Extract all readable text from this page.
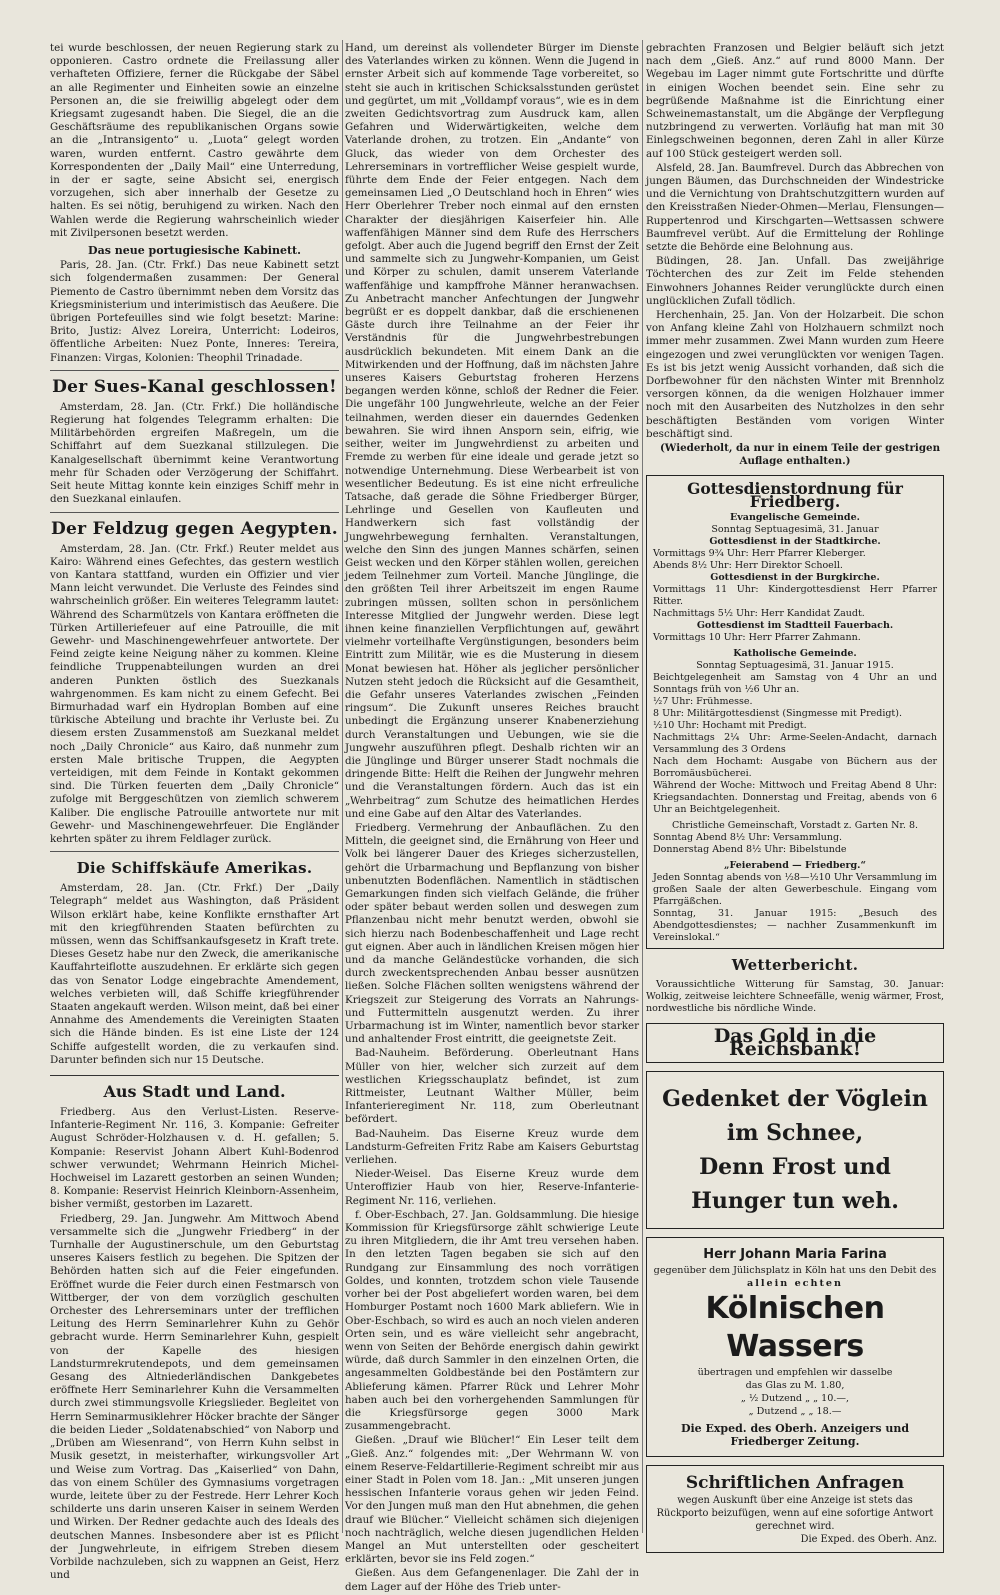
tei wurde beschlossen, der neuen Regierung stark zu opponieren. Castro ordnete die Freilassung aller verhafteten Offiziere, ferner die Rückgabe der Säbel an alle Regimenter und Einheiten sowie an einzelne Personen an, die sie freiwillig abgelegt oder dem Kriegsamt zugesandt haben. Die Siegel, die an die Geschäftsräume des republikanischen Organs sowie an die „Intransigento“ u. „Luota“ gelegt worden waren, wurden entfernt. Castro gewährte dem Korrespondenten der „Daily Mail“ eine Unterredung, in der er sagte, seine Absicht sei, energisch vorzugehen, sich aber innerhalb der Gesetze zu halten. Es sei nötig, beruhigend zu wirken. Nach den Wahlen werde die Regierung wahrscheinlich wieder mit Zivilpersonen besetzt werden.

Das neue portugiesische Kabinett.

Paris, 28. Jan. (Ctr. Frkf.) Das neue Kabinett setzt sich folgendermaßen zusammen: Der General Piemento de Castro übernimmt neben dem Vorsitz das Kriegsministerium und interimistisch das Aeußere. Die übrigen Portefeuilles sind wie folgt besetzt: Marine: Brito, Justiz: Alvez Loreira, Unterricht: Lodeiros, öffentliche Arbeiten: Nuez Ponte, Inneres: Tereira, Finanzen: Virgas, Kolonien: Theophil Trinadade.

Der Sues-Kanal geschlossen!

Amsterdam, 28. Jan. (Ctr. Frkf.) Die holländische Regierung hat folgendes Telegramm erhalten: Die Militärbehörden ergreifen Maßregeln, um die Schiffahrt auf dem Suezkanal stillzulegen. Die Kanalgesellschaft übernimmt keine Verantwortung mehr für Schaden oder Verzögerung der Schiffahrt. Seit heute Mittag konnte kein einziges Schiff mehr in den Suezkanal einlaufen.

Der Feldzug gegen Aegypten.

Amsterdam, 28. Jan. (Ctr. Frkf.) Reuter meldet aus Kairo: Während eines Gefechtes, das gestern westlich von Kantara stattfand, wurden ein Offizier und vier Mann leicht verwundet. Die Verluste des Feindes sind wahrscheinlich größer. Ein weiteres Telegramm lautet: Während des Scharmützels von Kantara eröffneten die Türken Artilleriefeuer auf eine Patrouille, die mit Gewehr- und Maschinengewehrfeuer antwortete. Der Feind zeigte keine Neigung näher zu kommen. Kleine feindliche Truppenabteilungen wurden an drei anderen Punkten östlich des Suezkanals wahrgenommen. Es kam nicht zu einem Gefecht. Bei Birmurhadad warf ein Hydroplan Bomben auf eine türkische Abteilung und brachte ihr Verluste bei. Zu diesem ersten Zusammenstoß am Suezkanal meldet noch „Daily Chronicle“ aus Kairo, daß nunmehr zum ersten Male britische Truppen, die Aegypten verteidigen, mit dem Feinde in Kontakt gekommen sind. Die Türken feuerten dem „Daily Chronicle“ zufolge mit Berggeschützen von ziemlich schwerem Kaliber. Die englische Patrouille antwortete nur mit Gewehr- und Maschinengewehrfeuer. Die Engländer kehrten später zu ihrem Feldlager zurück.

Die Schiffskäufe Amerikas.

Amsterdam, 28. Jan. (Ctr. Frkf.) Der „Daily Telegraph“ meldet aus Washington, daß Präsident Wilson erklärt habe, keine Konflikte ernsthafter Art mit den kriegführenden Staaten befürchten zu müssen, wenn das Schiffsankaufsgesetz in Kraft trete. Dieses Gesetz habe nur den Zweck, die amerikanische Kauffahrteiflotte auszudehnen. Er erklärte sich gegen das von Senator Lodge eingebrachte Amendement, welches verbieten will, daß Schiffe kriegführender Staaten angekauft werden. Wilson meint, daß bei einer Annahme des Amendements die Vereinigten Staaten sich die Hände binden. Es ist eine Liste der 124 Schiffe aufgestellt worden, die zu verkaufen sind. Darunter befinden sich nur 15 Deutsche.

Aus Stadt und Land.

Friedberg. Aus den Verlust-Listen. Reserve-Infanterie-Regiment Nr. 116, 3. Kompanie: Gefreiter August Schröder-Holzhausen v. d. H. gefallen; 5. Kompanie: Reservist Johann Albert Kuhl-Bodenrod schwer verwundet; Wehrmann Heinrich Michel-Hochweisel im Lazarett gestorben an seinen Wunden; 8. Kompanie: Reservist Heinrich Kleinborn-Assenheim, bisher vermißt, gestorben im Lazarett.

Friedberg, 29. Jan. Jungwehr. Am Mittwoch Abend versammelte sich die „Jungwehr Friedberg“ in der Turnhalle der Augustinerschule, um den Geburtstag unseres Kaisers festlich zu begehen. Die Spitzen der Behörden hatten sich auf die Feier eingefunden. Eröffnet wurde die Feier durch einen Festmarsch von Wittberger, der von dem vorzüglich geschulten Orchester des Lehrerseminars unter der trefflichen Leitung des Herrn Seminarlehrer Kuhn zu Gehör gebracht wurde. Herrn Seminarlehrer Kuhn, gespielt von der Kapelle des hiesigen Landsturmrekrutendepots, und dem gemeinsamen Gesang des Altniederländischen Dankgebetes eröffnete Herr Seminarlehrer Kuhn die Versammelten durch zwei stimmungsvolle Kriegslieder. Begleitet von Herrn Seminarmusiklehrer Höcker brachte der Sänger die beiden Lieder „Soldatenabschied“ von Naborp und „Drüben am Wiesenrand“, von Herrn Kuhn selbst in Musik gesetzt, in meisterhafter, wirkungsvoller Art und Weise zum Vortrag. Das „Kaiserlied“ von Dahn, das von einem Schüler des Gymnasiums vorgetragen wurde, leitete über zu der Festrede. Herr Lehrer Koch schilderte uns darin unseren Kaiser in seinem Werden und Wirken. Der Redner gedachte auch des Ideals des deutschen Mannes. Insbesondere aber ist es Pflicht der Jungwehrleute, in eifrigem Streben diesem Vorbilde nachzuleben, sich zu wappnen an Geist, Herz und

Hand, um dereinst als vollendeter Bürger im Dienste des Vaterlandes wirken zu können. Wenn die Jugend in ernster Arbeit sich auf kommende Tage vorbereitet, so steht sie auch in kritischen Schicksalsstunden gerüstet und gegürtet, um mit „Volldampf voraus“, wie es in dem zweiten Gedichtsvortrag zum Ausdruck kam, allen Gefahren und Widerwärtigkeiten, welche dem Vaterlande drohen, zu trotzen. Ein „Andante“ von Gluck, das wieder von dem Orchester des Lehrerseminars in vortrefflicher Weise gespielt wurde, führte dem Ende der Feier entgegen. Nach dem gemeinsamen Lied „O Deutschland hoch in Ehren“ wies Herr Oberlehrer Treber noch einmal auf den ernsten Charakter der diesjährigen Kaiserfeier hin. Alle waffenfähigen Männer sind dem Rufe des Herrschers gefolgt. Aber auch die Jugend begriff den Ernst der Zeit und sammelte sich zu Jungwehr-Kompanien, um Geist und Körper zu schulen, damit unserem Vaterlande waffenfähige und kampffrohe Männer heranwachsen. Zu Anbetracht mancher Anfechtungen der Jungwehr begrüßt er es doppelt dankbar, daß die erschienenen Gäste durch ihre Teilnahme an der Feier ihr Verständnis für die Jungwehrbestrebungen ausdrücklich bekundeten. Mit einem Dank an die Mitwirkenden und der Hoffnung, daß im nächsten Jahre unseres Kaisers Geburtstag froheren Herzens begangen werden könne, schloß der Redner die Feier. Die ungefähr 100 Jungwehrleute, welche an der Feier teilnahmen, werden dieser ein dauerndes Gedenken bewahren. Sie wird ihnen Ansporn sein, eifrig, wie seither, weiter im Jungwehrdienst zu arbeiten und Fremde zu werben für eine ideale und gerade jetzt so notwendige Unternehmung. Diese Werbearbeit ist von wesentlicher Bedeutung. Es ist eine nicht erfreuliche Tatsache, daß gerade die Söhne Friedberger Bürger, Lehrlinge und Gesellen von Kaufleuten und Handwerkern sich fast vollständig der Jungwehrbewegung fernhalten. Veranstaltungen, welche den Sinn des jungen Mannes schärfen, seinen Geist wecken und den Körper stählen wollen, gereichen jedem Teilnehmer zum Vorteil. Manche Jünglinge, die den größten Teil ihrer Arbeitszeit im engen Raume zubringen müssen, sollten schon in persönlichem Interesse Mitglied der Jungwehr werden. Diese legt ihnen keine finanziellen Verpflichtungen auf, gewährt vielmehr vorteilhafte Vergünstigungen, besonders beim Eintritt zum Militär, wie es die Musterung in diesem Monat bewiesen hat. Höher als jeglicher persönlicher Nutzen steht jedoch die Rücksicht auf die Gesamtheit, die Gefahr unseres Vaterlandes zwischen „Feinden ringsum“. Die Zukunft unseres Reiches braucht unbedingt die Ergänzung unserer Knabenerziehung durch Veranstaltungen und Uebungen, wie sie die Jungwehr auszuführen pflegt. Deshalb richten wir an die Jünglinge und Bürger unserer Stadt nochmals die dringende Bitte: Helft die Reihen der Jungwehr mehren und die Veranstaltungen fördern. Auch das ist ein „Wehrbeitrag“ zum Schutze des heimatlichen Herdes und eine Gabe auf den Altar des Vaterlandes.

Friedberg. Vermehrung der Anbauflächen. Zu den Mitteln, die geeignet sind, die Ernährung von Heer und Volk bei längerer Dauer des Krieges sicherzustellen, gehört die Urbarmachung und Bepflanzung von bisher unbenutzten Bodenflächen. Namentlich in städtischen Gemarkungen finden sich vielfach Gelände, die früher oder später bebaut werden sollen und deswegen zum Pflanzenbau nicht mehr benutzt werden, obwohl sie sich hierzu nach Bodenbeschaffenheit und Lage recht gut eignen. Aber auch in ländlichen Kreisen mögen hier und da manche Geländestücke vorhanden, die sich durch zweckentsprechenden Anbau besser ausnützen ließen. Solche Flächen sollten wenigstens während der Kriegszeit zur Steigerung des Vorrats an Nahrungs- und Futtermitteln ausgenutzt werden. Zu ihrer Urbarmachung ist im Winter, namentlich bevor starker und anhaltender Frost eintritt, die geeignetste Zeit.

Bad-Nauheim. Beförderung. Oberleutnant Hans Müller von hier, welcher sich zurzeit auf dem westlichen Kriegsschauplatz befindet, ist zum Rittmeister, Leutnant Walther Müller, beim Infanterieregiment Nr. 118, zum Oberleutnant befördert.

Bad-Nauheim. Das Eiserne Kreuz wurde dem Landsturm-Gefreiten Fritz Rabe am Kaisers Geburtstag verliehen.

Nieder-Weisel. Das Eiserne Kreuz wurde dem Unteroffizier Haub von hier, Reserve-Infanterie-Regiment Nr. 116, verliehen.

f. Ober-Eschbach, 27. Jan. Goldsammlung. Die hiesige Kommission für Kriegsfürsorge zählt schwierige Leute zu ihren Mitgliedern, die ihr Amt treu versehen haben. In den letzten Tagen begaben sie sich auf den Rundgang zur Einsammlung des noch vorrätigen Goldes, und konnten, trotzdem schon viele Tausende vorher bei der Post abgeliefert worden waren, bei dem Homburger Postamt noch 1600 Mark abliefern. Wie in Ober-Eschbach, so wird es auch an noch vielen anderen Orten sein, und es wäre vielleicht sehr angebracht, wenn von Seiten der Behörde energisch dahin gewirkt würde, daß durch Sammler in den einzelnen Orten, die angesammelten Goldbestände bei den Postämtern zur Ablieferung kämen. Pfarrer Rück und Lehrer Mohr haben auch bei den vorhergehenden Sammlungen für die Kriegsfürsorge gegen 3000 Mark zusammengebracht.

Gießen. „Drauf wie Blücher!“ Ein Leser teilt dem „Gieß. Anz.“ folgendes mit: „Der Wehrmann W. von einem Reserve-Feldartillerie-Regiment schreibt mir aus einer Stadt in Polen vom 18. Jan.: „Mit unseren jungen hessischen Infanterie voraus gehen wir jeden Feind. Vor den Jungen muß man den Hut abnehmen, die gehen drauf wie Blücher.“ Vielleicht schämen sich diejenigen noch nachträglich, welche diesen jugendlichen Helden Mangel an Mut unterstellten oder gescheitert erklärten, bevor sie ins Feld zogen.“

Gießen. Aus dem Gefangenenlager. Die Zahl der in dem Lager auf der Höhe des Trieb unter-

gebrachten Franzosen und Belgier beläuft sich jetzt nach dem „Gieß. Anz.“ auf rund 8000 Mann. Der Wegebau im Lager nimmt gute Fortschritte und dürfte in einigen Wochen beendet sein. Eine sehr zu begrüßende Maßnahme ist die Einrichtung einer Schweinemastanstalt, um die Abgänge der Verpflegung nutzbringend zu verwerten. Vorläufig hat man mit 30 Einlegschweinen begonnen, deren Zahl in aller Kürze auf 100 Stück gesteigert werden soll.

Alsfeld, 28. Jan. Baumfrevel. Durch das Abbrechen von jungen Bäumen, das Durchschneiden der Windestricke und die Vernichtung von Drahtschutzgittern wurden auf den Kreisstraßen Nieder-Ohmen—Merlau, Flensungen—Ruppertenrod und Kirschgarten—Wettsassen schwere Baumfrevel verübt. Auf die Ermittelung der Rohlinge setzte die Behörde eine Belohnung aus.

Büdingen, 28. Jan. Unfall. Das zweijährige Töchterchen des zur Zeit im Felde stehenden Einwohners Johannes Reider verunglückte durch einen unglücklichen Zufall tödlich.

Herchenhain, 25. Jan. Von der Holzarbeit. Die schon von Anfang kleine Zahl von Holzhauern schmilzt noch immer mehr zusammen. Zwei Mann wurden zum Heere eingezogen und zwei verunglückten vor wenigen Tagen. Es ist bis jetzt wenig Aussicht vorhanden, daß sich die Dorfbewohner für den nächsten Winter mit Brennholz versorgen können, da die wenigen Holzhauer immer noch mit den Ausarbeiten des Nutzholzes in den sehr beschäftigten Beständen vom vorigen Winter beschäftigt sind.

(Wiederholt, da nur in einem Teile der gestrigen Auflage enthalten.)

Gottesdienstordnung für Friedberg.
Evangelische Gemeinde.
Sonntag Septuagesimä, 31. Januar
Gottesdienst in der Stadtkirche.
Vormittags 9¾ Uhr: Herr Pfarrer Kleberger.
Abends 8½ Uhr: Herr Direktor Schoell.
Gottesdienst in der Burgkirche.
Vormittags 11 Uhr: Kindergottesdienst Herr Pfarrer Ritter.
Nachmittags 5½ Uhr: Herr Kandidat Zaudt.
Gottesdienst im Stadtteil Fauerbach.
Vormittags 10 Uhr: Herr Pfarrer Zahmann.
Katholische Gemeinde.
Sonntag Septuagesimä, 31. Januar 1915.
Beichtgelegenheit am Samstag von 4 Uhr an und Sonntags früh von ½6 Uhr an.
½7 Uhr: Frühmesse.
8 Uhr: Militärgottesdienst (Singmesse mit Predigt).
½10 Uhr: Hochamt mit Predigt.
Nachmittags 2¼ Uhr: Arme-Seelen-Andacht, darnach Versammlung des 3 Ordens
Nach dem Hochamt: Ausgabe von Büchern aus der Borromäusbücherei.
Während der Woche: Mittwoch und Freitag Abend 8 Uhr: Kriegsandachten. Donnerstag und Freitag, abends von 6 Uhr an Beichtgelegenheit.
Christliche Gemeinschaft, Vorstadt z. Garten Nr. 8.
Sonntag Abend 8½ Uhr: Versammlung.
Donnerstag Abend 8½ Uhr: Bibelstunde
„Feierabend — Friedberg.“
Jeden Sonntag abends von ½8—½10 Uhr Versammlung im großen Saale der alten Gewerbeschule. Eingang vom Pfarrgäßchen.
Sonntag, 31. Januar 1915: „Besuch des Abendgottesdienstes; — nachher Zusammenkunft im Vereinslokal.“
Wetterbericht.

Voraussichtliche Witterung für Samstag, 30. Januar: Wolkig, zeitweise leichtere Schneefälle, wenig wärmer, Frost, nordwestliche bis nördliche Winde.

Das Gold in die Reichsbank!
Gedenket der Vöglein im Schnee,
Denn Frost und Hunger tun weh.
Herr Johann Maria Farina
gegenüber dem Jülichsplatz in Köln hat uns den Debit des
allein echten
Kölnischen Wassers
übertragen und empfehlen wir dasselbe
das Glas zu M. 1.80,
„ ½ Dutzend „ „ 10.—,
„ Dutzend „ „ 18.—
Die Exped. des Oberh. Anzeigers und Friedberger Zeitung.
Schriftlichen Anfragen
wegen Auskunft über eine Anzeige ist stets das Rückporto beizufügen, wenn auf eine sofortige Antwort gerechnet wird.
Die Exped. des Oberh. Anz.
